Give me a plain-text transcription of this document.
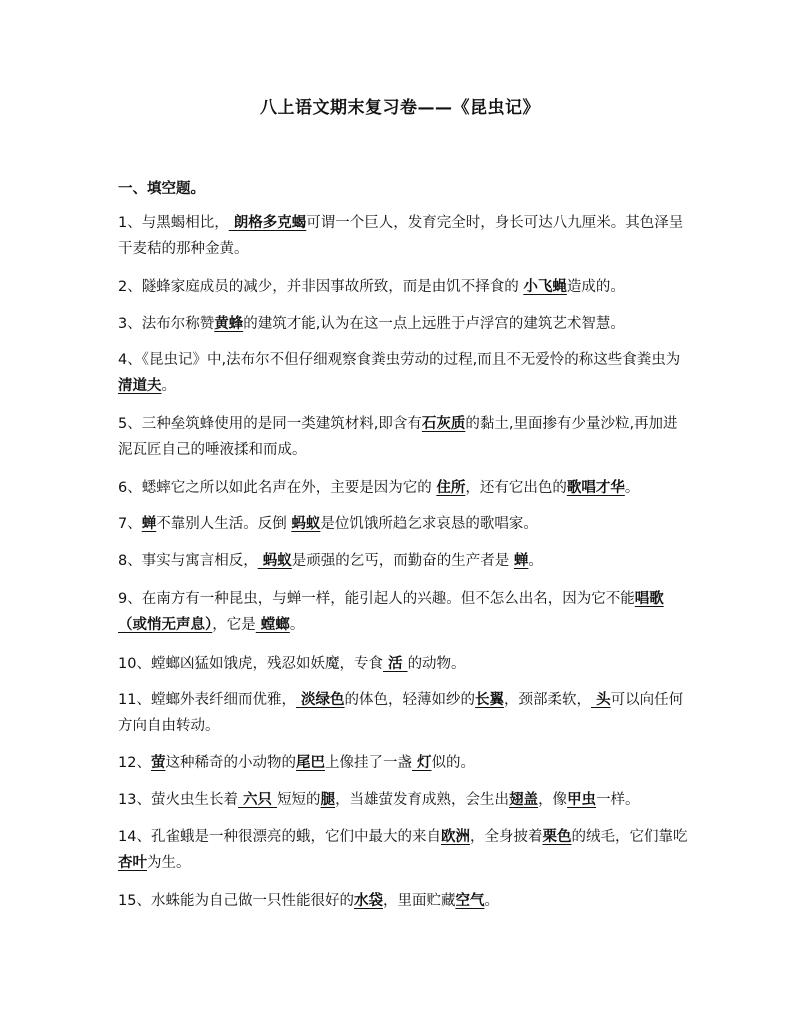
八上语文期末复习卷——《昆虫记》
一、填空题。
1、与黑蝎相比， 朗格多克蝎可谓一个巨人，发育完全时，身长可达八九厘米。其色泽呈干麦秸的那种金黄。
2、隧蜂家庭成员的减少，并非因事故所致，而是由饥不择食的 小飞蝇造成的。
3、法布尔称赞黄蜂的建筑才能,认为在这一点上远胜于卢浮宫的建筑艺术智慧。
4、《昆虫记》中,法布尔不但仔细观察食粪虫劳动的过程,而且不无爱怜的称这些食粪虫为清道夫。
5、三种垒筑蜂使用的是同一类建筑材料,即含有石灰质的黏土,里面掺有少量沙粒,再加进泥瓦匠自己的唾液揉和而成。
6、蟋蟀它之所以如此名声在外，主要是因为它的 住所，还有它出色的歌唱才华。
7、蝉不靠别人生活。反倒 蚂蚁是位饥饿所趋乞求哀恳的歌唱家。
8、事实与寓言相反， 蚂蚁是顽强的乞丐，而勤奋的生产者是 蝉。
9、在南方有一种昆虫，与蝉一样，能引起人的兴趣。但不怎么出名，因为它不能唱歌（或悄无声息），它是 螳螂。
10、螳螂凶猛如饿虎，残忍如妖魔，专食 活 的动物。
11、螳螂外表纤细而优雅， 淡绿色的体色，轻薄如纱的长翼，颈部柔软， 头可以向任何方向自由转动。
12、萤这种稀奇的小动物的尾巴上像挂了一盏 灯似的。
13、萤火虫生长着 六只 短短的腿，当雄萤发育成熟，会生出翅盖，像甲虫一样。
14、孔雀蛾是一种很漂亮的蛾，它们中最大的来自欧洲，全身披着栗色的绒毛，它们靠吃杏叶为生。
15、水蛛能为自己做一只性能很好的水袋，里面贮藏空气。
